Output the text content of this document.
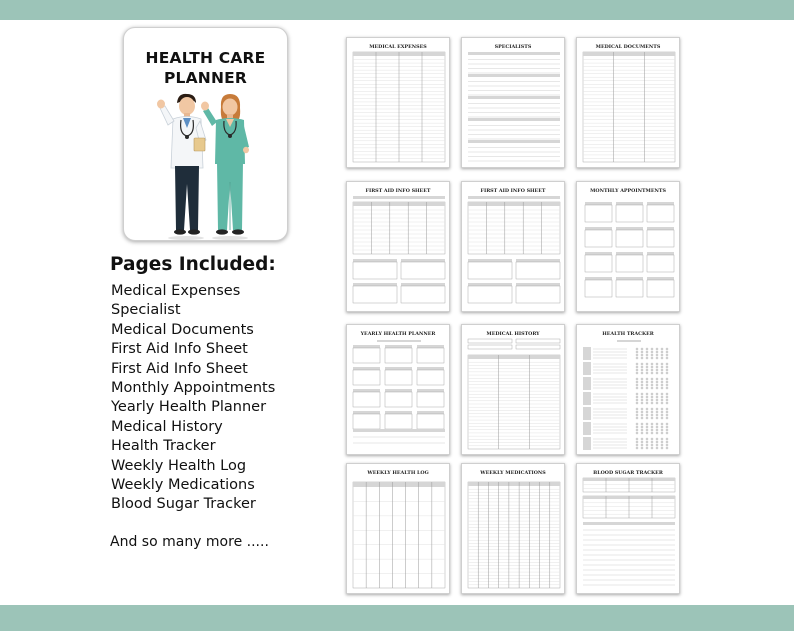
HEALTH CARE
PLANNER
Pages Included:
Medical Expenses
Specialist
Medical Documents
First Aid Info Sheet
First Aid Info Sheet
Monthly Appointments
Yearly Health Planner
Medical History
Health Tracker
Weekly Health Log
Weekly Medications
Blood Sugar Tracker
And so many more .....
MEDICAL EXPENSES	SPECIALISTS	MEDICAL DOCUMENTS
FIRST AID INFO SHEET	FIRST AID INFO SHEET	MONTHLY APPOINTMENTS
YEARLY HEALTH PLANNER	MEDICAL HISTORY	HEALTH TRACKER
WEEKLY HEALTH LOG	WEEKLY MEDICATIONS	BLOOD SUGAR TRACKER
